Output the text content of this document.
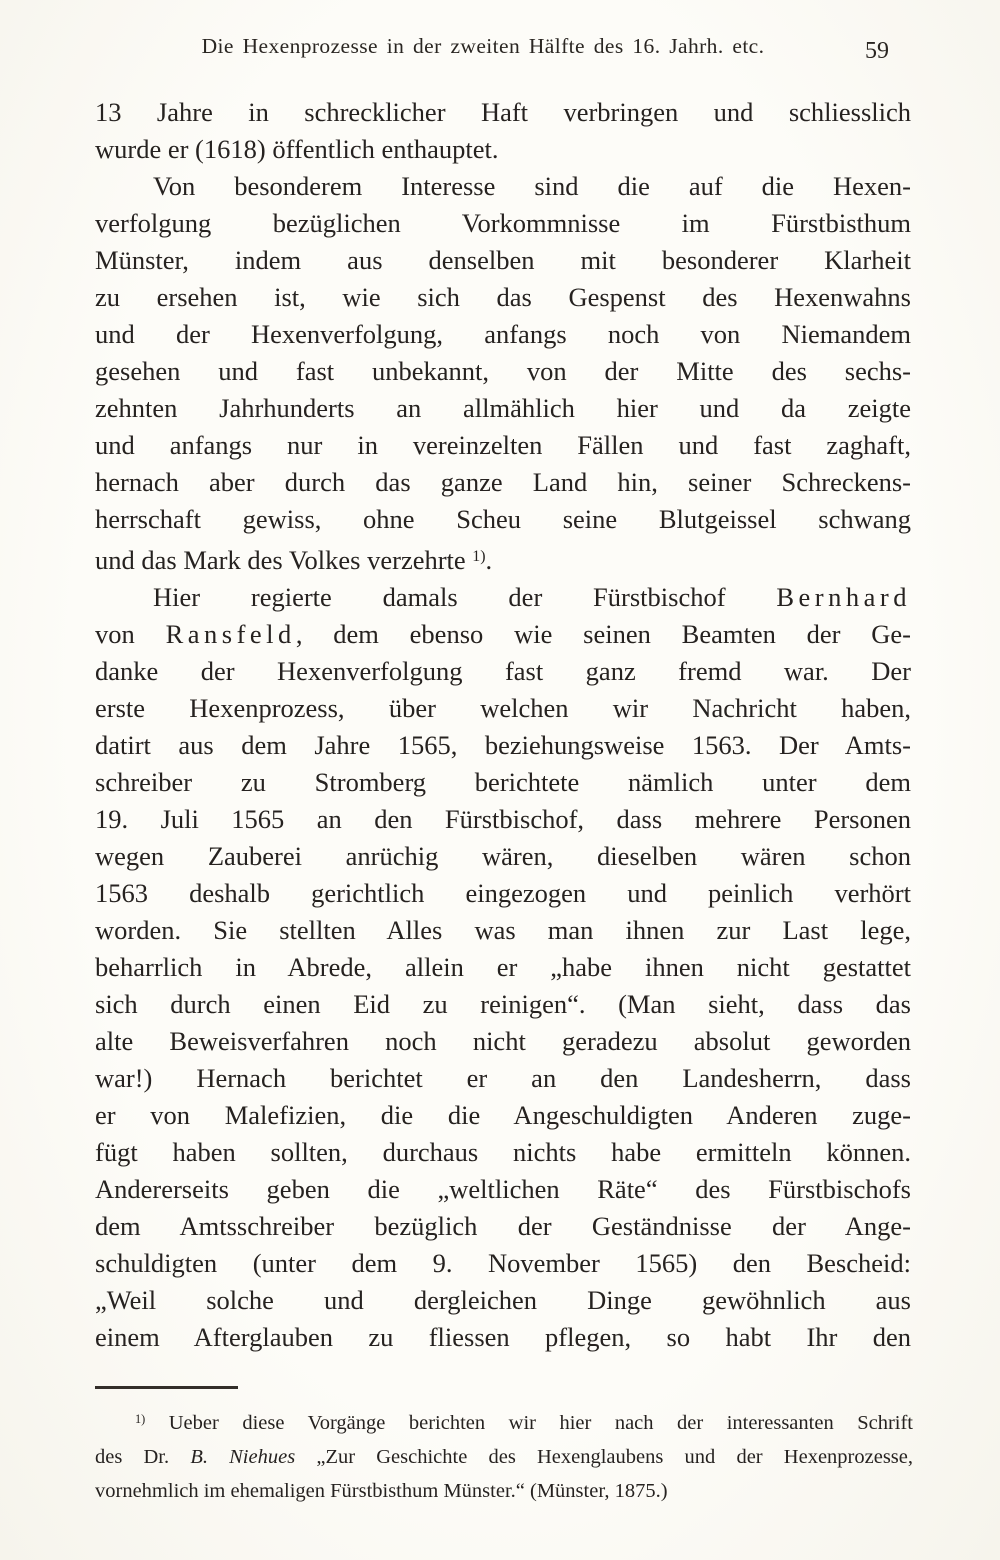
Die Hexenprozesse in der zweiten Hälfte des 16. Jahrh. etc.	59
13 Jahre in schrecklicher Haft verbringen und schliesslich
wurde er (1618) öffentlich enthauptet.
Von besonderem Interesse sind die auf die Hexen-
verfolgung bezüglichen Vorkommnisse im Fürstbisthum
Münster, indem aus denselben mit besonderer Klarheit
zu ersehen ist, wie sich das Gespenst des Hexenwahns
und der Hexenverfolgung, anfangs noch von Niemandem
gesehen und fast unbekannt, von der Mitte des sechs-
zehnten Jahrhunderts an allmählich hier und da zeigte
und anfangs nur in vereinzelten Fällen und fast zaghaft,
hernach aber durch das ganze Land hin, seiner Schreckens-
herrschaft gewiss, ohne Scheu seine Blutgeissel schwang
und das Mark des Volkes verzehrte $^{1)}$.
Hier regierte damals der Fürstbischof Bernhard
von Ransfeld, dem ebenso wie seinen Beamten der Ge-
danke der Hexenverfolgung fast ganz fremd war. Der
erste Hexenprozess, über welchen wir Nachricht haben,
datirt aus dem Jahre 1565, beziehungsweise 1563. Der Amts-
schreiber zu Stromberg berichtete nämlich unter dem
19. Juli 1565 an den Fürstbischof, dass mehrere Personen
wegen Zauberei anrüchig wären, dieselben wären schon
1563 deshalb gerichtlich eingezogen und peinlich verhört
worden. Sie stellten Alles was man ihnen zur Last lege,
beharrlich in Abrede, allein er „habe ihnen nicht gestattet
sich durch einen Eid zu reinigen“. (Man sieht, dass das
alte Beweisverfahren noch nicht geradezu absolut geworden
war!) Hernach berichtet er an den Landesherrn, dass
er von Malefizien, die die Angeschuldigten Anderen zuge-
fügt haben sollten, durchaus nichts habe ermitteln können.
Andererseits geben die „weltlichen Räte“ des Fürstbischofs
dem Amtsschreiber bezüglich der Geständnisse der Ange-
schuldigten (unter dem 9. November 1565) den Bescheid:
„Weil solche und dergleichen Dinge gewöhnlich aus
einem Afterglauben zu fliessen pflegen, so habt Ihr den
$^{1)}$ Ueber diese Vorgänge berichten wir hier nach der interessanten Schrift
des Dr. B. Niehues „Zur Geschichte des Hexenglaubens und der Hexenprozesse,
vornehmlich im ehemaligen Fürstbisthum Münster.“ (Münster, 1875.)
